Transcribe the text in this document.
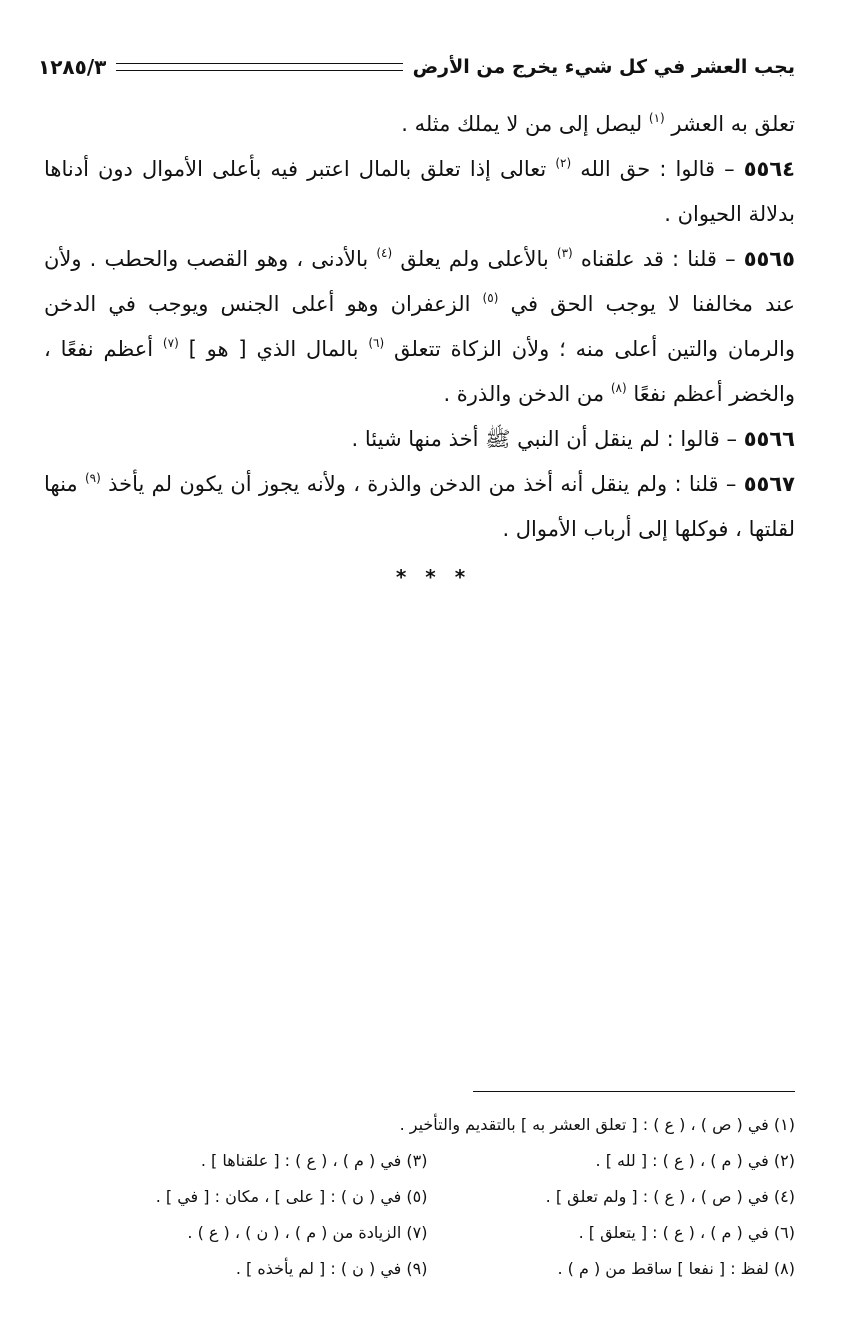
يجب العشر في كل شيء يخرج من الأرض
١٢٨٥/٣

تعلق به العشر $^{(١)}$ ليصل إلى من لا يملك مثله .

٥٥٦٤ – قالوا : حق الله $^{(٢)}$ تعالى إذا تعلق بالمال اعتبر فيه بأعلى الأموال دون أدناها بدلالة الحيوان .

٥٥٦٥ – قلنا : قد علقناه $^{(٣)}$ بالأعلى ولم يعلق $^{(٤)}$ بالأدنى ، وهو القصب والحطب . ولأن عند مخالفنا لا يوجب الحق في $^{(٥)}$ الزعفران وهو أعلى الجنس ويوجب في الدخن والرمان والتين أعلى منه ؛ ولأن الزكاة تتعلق $^{(٦)}$ بالمال الذي [ هو ] $^{(٧)}$ أعظم نفعًا ، والخضر أعظم نفعًا $^{(٨)}$ من الدخن والذرة .

٥٥٦٦ – قالوا : لم ينقل أن النبي ﷺ أخذ منها شيئا .

٥٥٦٧ – قلنا : ولم ينقل أنه أخذ من الدخن والذرة ، ولأنه يجوز أن يكون لم يأخذ $^{(٩)}$ منها لقلتها ، فوكلها إلى أرباب الأموال .

* * *
(١) في ( ص ) ، ( ع ) : [ تعلق العشر به ] بالتقديم والتأخير .
(٢) في ( م ) ، ( ع ) : [ لله ] .
(٣) في ( م ) ، ( ع ) : [ علقناها ] .
(٤) في ( ص ) ، ( ع ) : [ ولم تعلق ] .
(٥) في ( ن ) : [ على ] ، مكان : [ في ] .
(٦) في ( م ) ، ( ع ) : [ يتعلق ] .
(٧) الزيادة من ( م ) ، ( ن ) ، ( ع ) .
(٨) لفظ : [ نفعا ] ساقط من ( م ) .
(٩) في ( ن ) : [ لم يأخذه ] .
